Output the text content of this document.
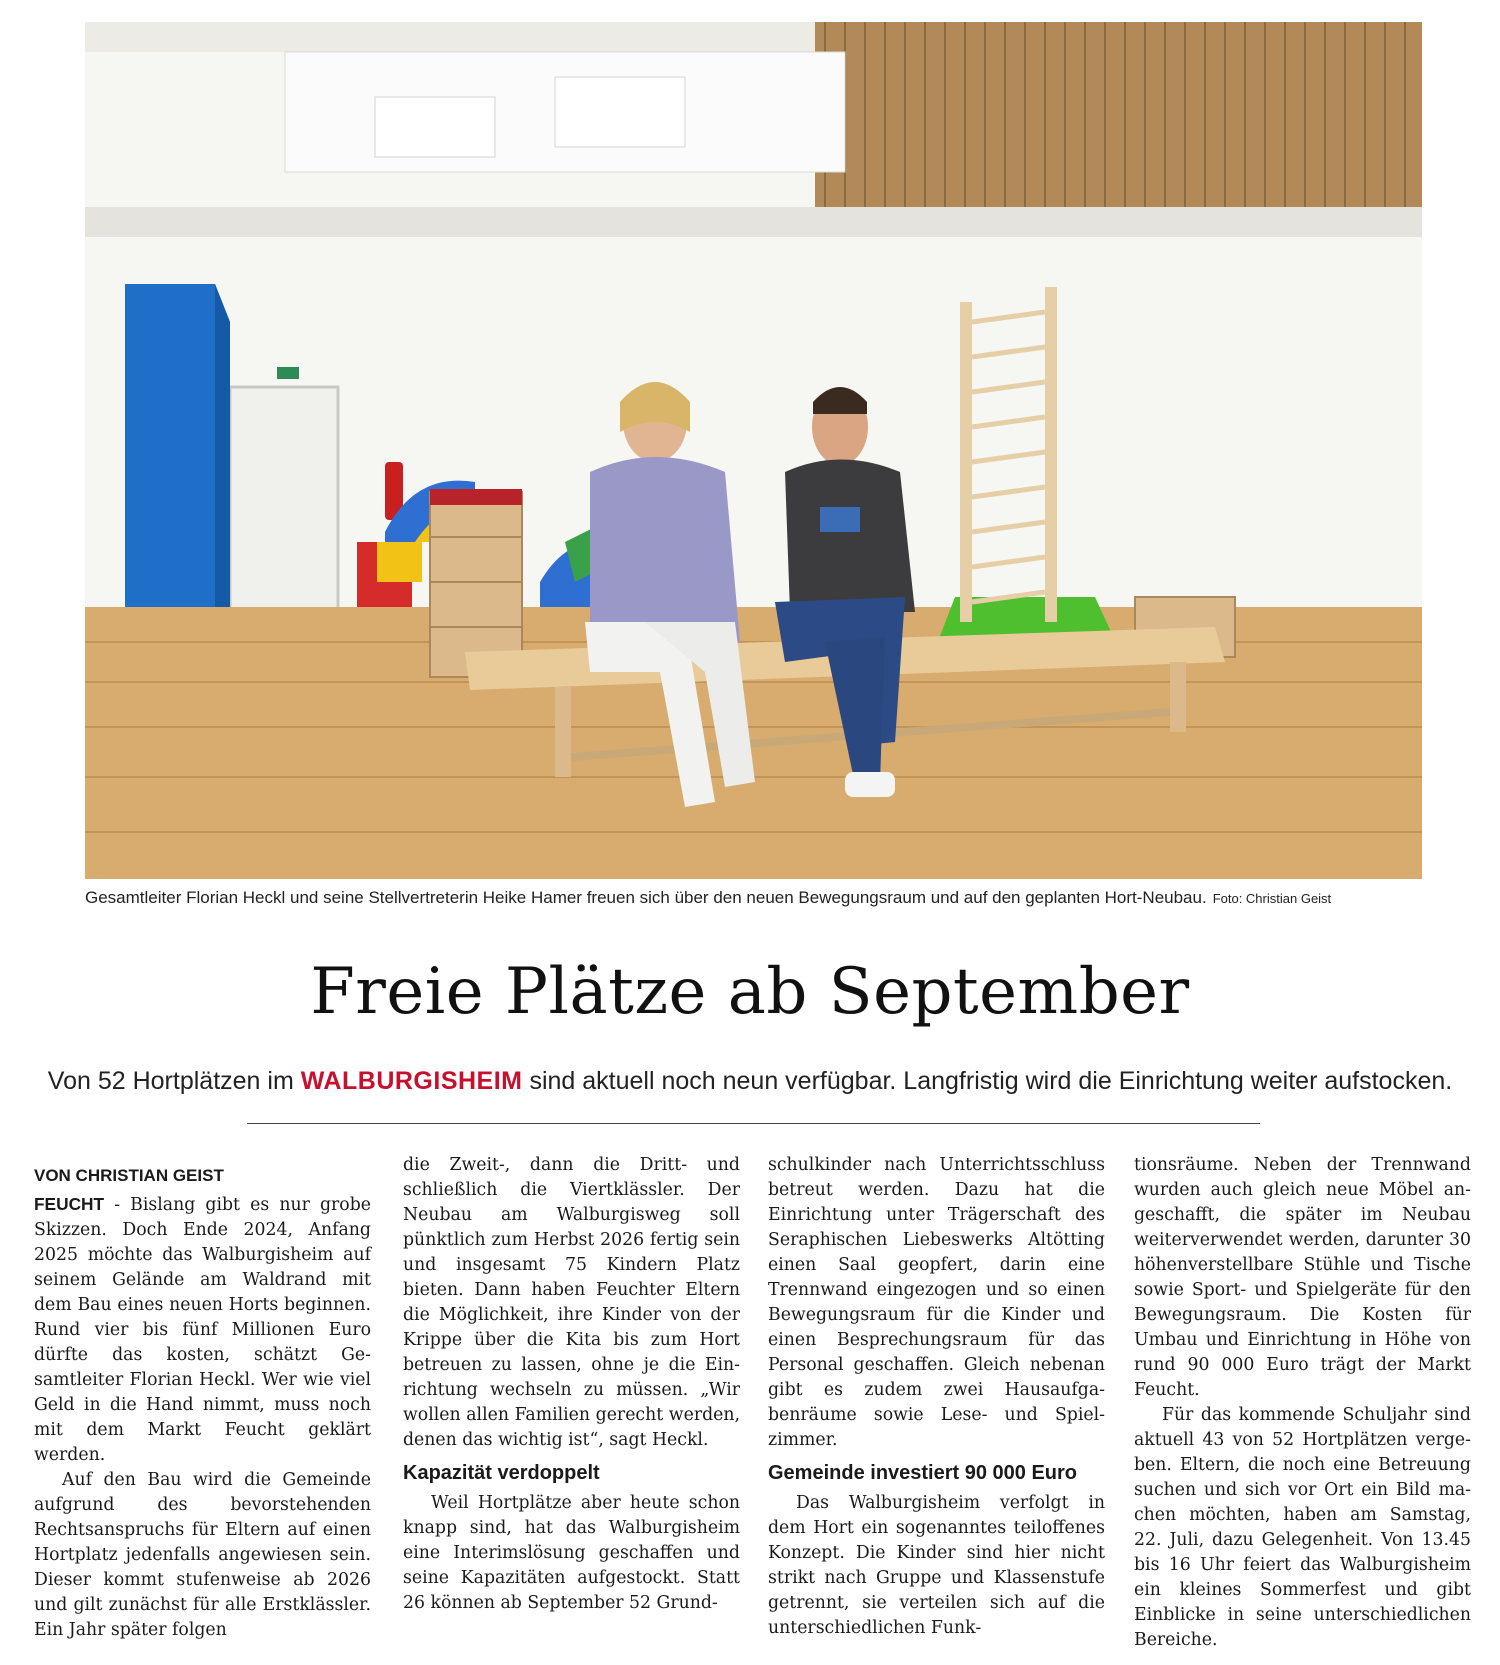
Gesamtleiter Florian Heckl und seine Stellvertreterin Heike Hamer freuen sich über den neuen Bewegungsraum und auf den geplanten Hort-Neubau. Foto: Christian Geist
Freie Plätze ab September
Von 52 Hortplätzen im WALBURGISHEIM sind aktuell noch neun verfügbar. Langfristig wird die Einrichtung weiter aufstocken.
VON CHRISTIAN GEIST

FEUCHT - Bislang gibt es nur grobe Skizzen. Doch Ende 2024, Anfang 2025 möchte das Walburgisheim auf seinem Gelände am Waldrand mit dem Bau eines neuen Horts beginnen. Rund vier bis fünf Millionen Euro dürfte das kosten, schätzt Gesamtleiter Florian Heckl. Wer wie viel Geld in die Hand nimmt, muss noch mit dem Markt Feucht geklärt werden.

Auf den Bau wird die Gemeinde aufgrund des bevorstehenden Rechtsanspruchs für Eltern auf einen Hortplatz jedenfalls angewiesen sein. Dieser kommt stufenweise ab 2026 und gilt zunächst für alle Erstklässler. Ein Jahr später folgen

die Zweit-, dann die Dritt- und schließlich die Viertklässler. Der Neubau am Walburgisweg soll pünktlich zum Herbst 2026 fertig sein und insgesamt 75 Kindern Platz bieten. Dann haben Feuchter Eltern die Möglichkeit, ihre Kinder von der Krippe über die Kita bis zum Hort betreuen zu lassen, ohne je die Einrichtung wechseln zu müssen. „Wir wollen allen Familien gerecht werden, denen das wichtig ist“, sagt Heckl.

Kapazität verdoppelt

Weil Hortplätze aber heute schon knapp sind, hat das Walburgisheim eine Interimslösung geschaffen und seine Kapazitäten aufgestockt. Statt 26 können ab September 52 Grund-

schulkinder nach Unterrichtsschluss betreut werden. Dazu hat die Einrichtung unter Trägerschaft des Seraphischen Liebeswerks Altötting einen Saal geopfert, darin eine Trennwand eingezogen und so einen Bewegungsraum für die Kinder und einen Besprechungsraum für das Personal geschaffen. Gleich nebenan gibt es zudem zwei Hausaufgabenräume sowie Lese- und Spielzimmer.

Gemeinde investiert 90 000 Euro

Das Walburgisheim verfolgt in dem Hort ein sogenanntes teiloffenes Konzept. Die Kinder sind hier nicht strikt nach Gruppe und Klassenstufe getrennt, sie verteilen sich auf die unterschiedlichen Funk-

tionsräume. Neben der Trennwand wurden auch gleich neue Möbel angeschafft, die später im Neubau weiterverwendet werden, darunter 30 höhenverstellbare Stühle und Tische sowie Sport- und Spielgeräte für den Bewegungsraum. Die Kosten für Umbau und Einrichtung in Höhe von rund 90 000 Euro trägt der Markt Feucht.

Für das kommende Schuljahr sind aktuell 43 von 52 Hortplätzen vergeben. Eltern, die noch eine Betreuung suchen und sich vor Ort ein Bild machen möchten, haben am Samstag, 22. Juli, dazu Gelegenheit. Von 13.45 bis 16 Uhr feiert das Walburgisheim ein kleines Sommerfest und gibt Einblicke in seine unterschiedlichen Bereiche.
